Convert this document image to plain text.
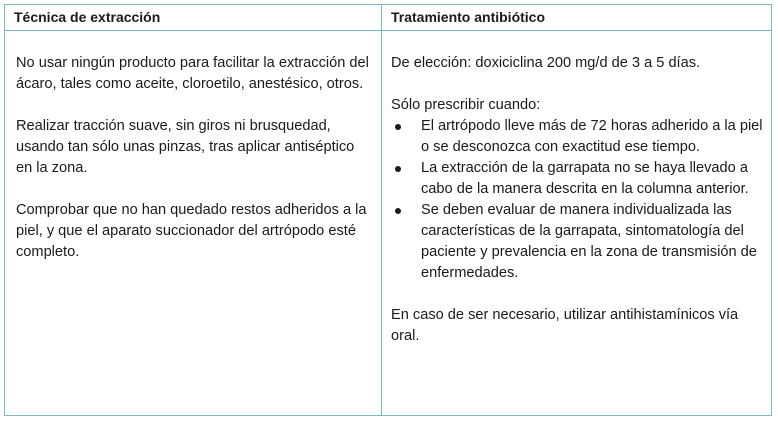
Técnica de extracción	Tratamiento antibiótico

No usar ningún producto para facilitar la extracción del ácaro, tales como aceite, cloroetilo, anestésico, otros.

Realizar tracción suave, sin giros ni brusquedad, usando tan sólo unas pinzas, tras aplicar antiséptico en la zona.

Comprobar que no han quedado restos adheridos a la piel, y que el aparato succionador del artrópodo esté completo.

De elección: doxiciclina 200 mg/d de 3 a 5 días.

Sólo prescribir cuando:

El artrópodo lleve más de 72 horas adherido a la piel o se desconozca con exactitud ese tiempo.
La extracción de la garrapata no se haya llevado a cabo de la manera descrita en la columna anterior.
Se deben evaluar de manera individualizada las características de la garrapata, sintomatología del paciente y prevalencia en la zona de transmisión de enfermedades.

En caso de ser necesario, utilizar antihistamínicos vía oral.
